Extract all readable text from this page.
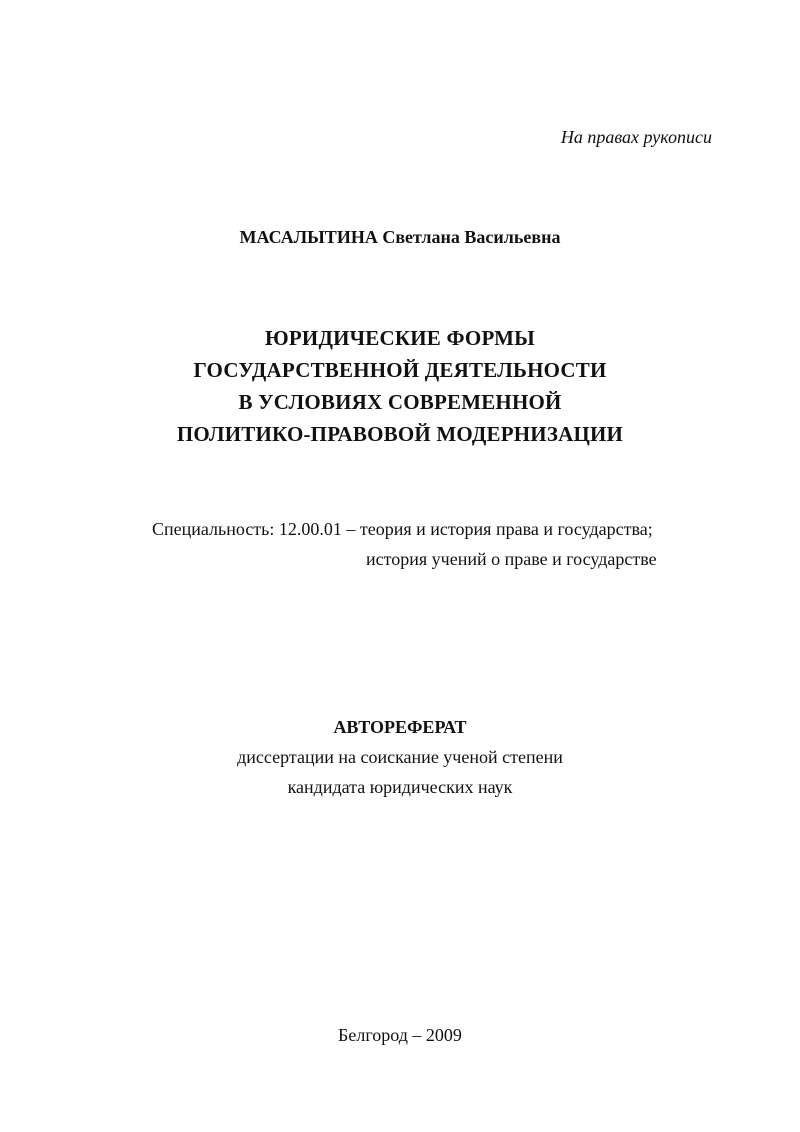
На правах рукописи
МАСАЛЫТИНА Светлана Васильевна
ЮРИДИЧЕСКИЕ ФОРМЫ
ГОСУДАРСТВЕННОЙ ДЕЯТЕЛЬНОСТИ
В УСЛОВИЯХ СОВРЕМЕННОЙ
ПОЛИТИКО-ПРАВОВОЙ МОДЕРНИЗАЦИИ
Специальность: 12.00.01 – теория и история права и государства;
история учений о праве и государстве
АВТОРЕФЕРАТ
диссертации на соискание ученой степени
кандидата юридических наук
Белгород – 2009
